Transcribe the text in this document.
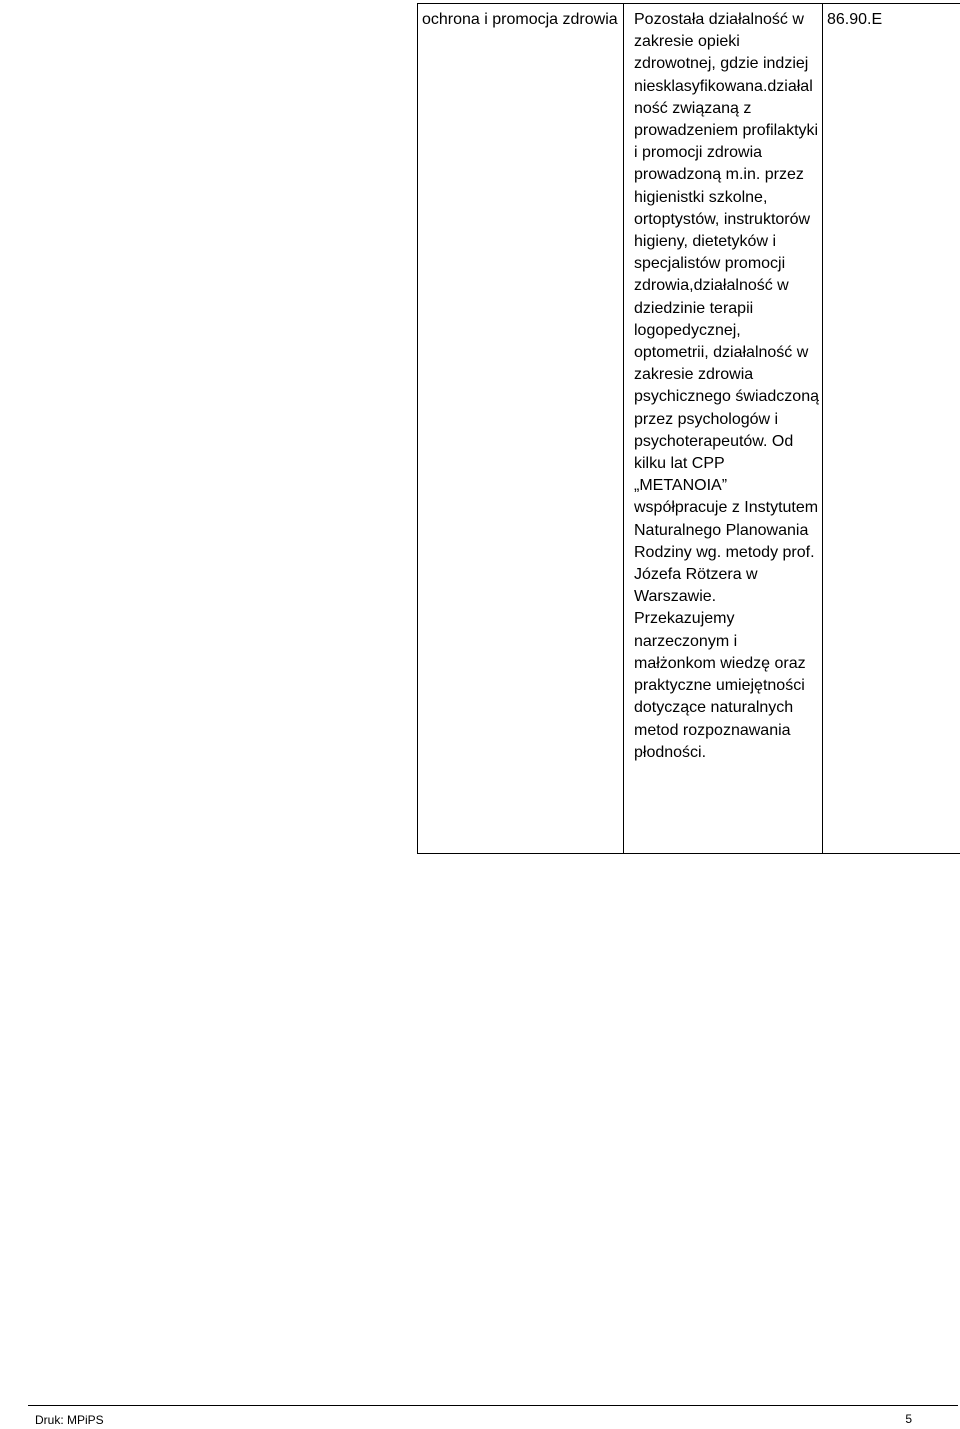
ochrona i promocja zdrowia	Pozostała działalność w zakresie opieki zdrowotnej, gdzie indziej niesklasyfikowana.działalność związaną z prowadzeniem profilaktyki i promocji zdrowia prowadzoną m.in. przez higienistki szkolne, ortoptystów, instruktorów higieny, dietetyków i specjalistów promocji zdrowia,działalność w dziedzinie terapii logopedycznej, optometrii, działalność w zakresie zdrowia psychicznego świadczoną przez psychologów i psychoterapeutów. Od kilku lat CPP „METANOIA” współpracuje z Instytutem Naturalnego Planowania Rodziny wg. metody prof. Józefa Rötzera w Warszawie. Przekazujemy narzeczonym i małżonkom wiedzę oraz praktyczne umiejętności dotyczące naturalnych metod rozpoznawania płodności.	86.90.E
Druk: MPiPS	5
